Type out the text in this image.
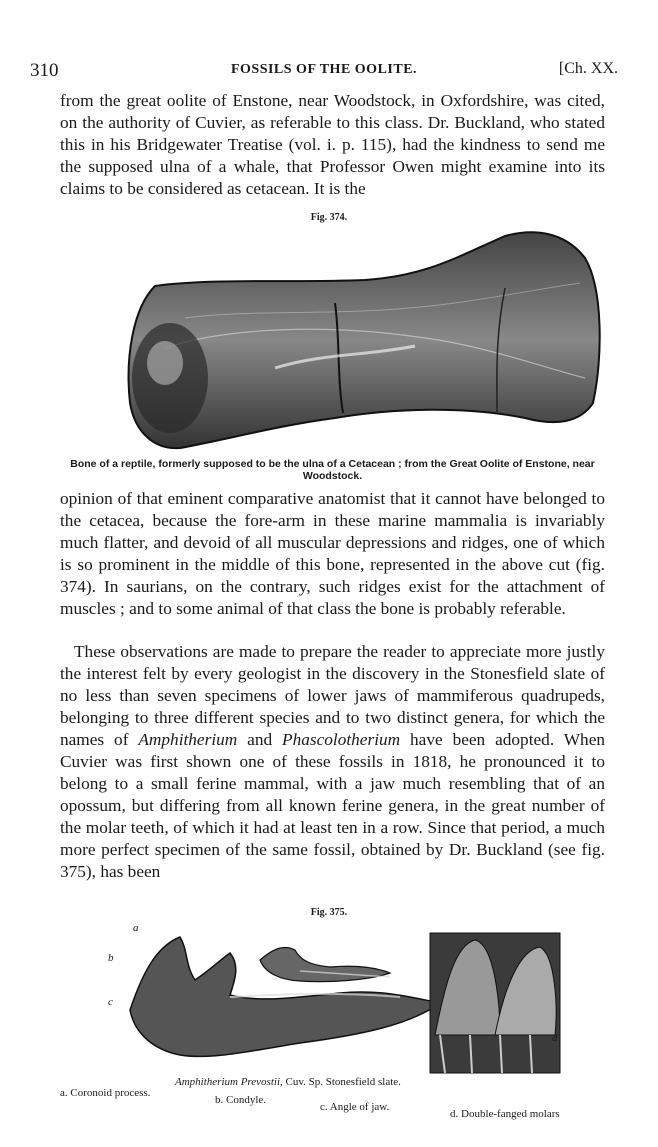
310	FOSSILS OF THE OOLITE.	[Ch. XX.
from the great oolite of Enstone, near Woodstock, in Oxfordshire, was cited, on the authority of Cuvier, as referable to this class. Dr. Buckland, who stated this in his Bridgewater Treatise (vol. i. p. 115), had the kindness to send me the supposed ulna of a whale, that Professor Owen might examine into its claims to be considered as cetacean. It is the
Fig. 374.
Bone of a reptile, formerly supposed to be the ulna of a Cetacean ; from the Great Oolite of Enstone, near Woodstock.
opinion of that eminent comparative anatomist that it cannot have belonged to the cetacea, because the fore-arm in these marine mammalia is invariably much flatter, and devoid of all muscular depressions and ridges, one of which is so prominent in the middle of this bone, represented in the above cut (fig. 374). In saurians, on the contrary, such ridges exist for the attachment of muscles ; and to some animal of that class the bone is probably referable.
These observations are made to prepare the reader to appreciate more justly the interest felt by every geologist in the discovery in the Stonesfield slate of no less than seven specimens of lower jaws of mammiferous quadrupeds, belonging to three different species and to two distinct genera, for which the names of Amphitherium and Phascolotherium have been adopted. When Cuvier was first shown one of these fossils in 1818, he pronounced it to belong to a small ferine mammal, with a jaw much resembling that of an opossum, but differing from all known ferine genera, in the great number of the molar teeth, of which it had at least ten in a row. Since that period, a much more perfect specimen of the same fossil, obtained by Dr. Buckland (see fig. 375), has been
Fig. 375.
a
b
c
d
Amphitherium Prevostii, Cuv. Sp. Stonesfield slate.
a. Coronoid process.
b. Condyle.
c. Angle of jaw.
d. Double-fanged molars
